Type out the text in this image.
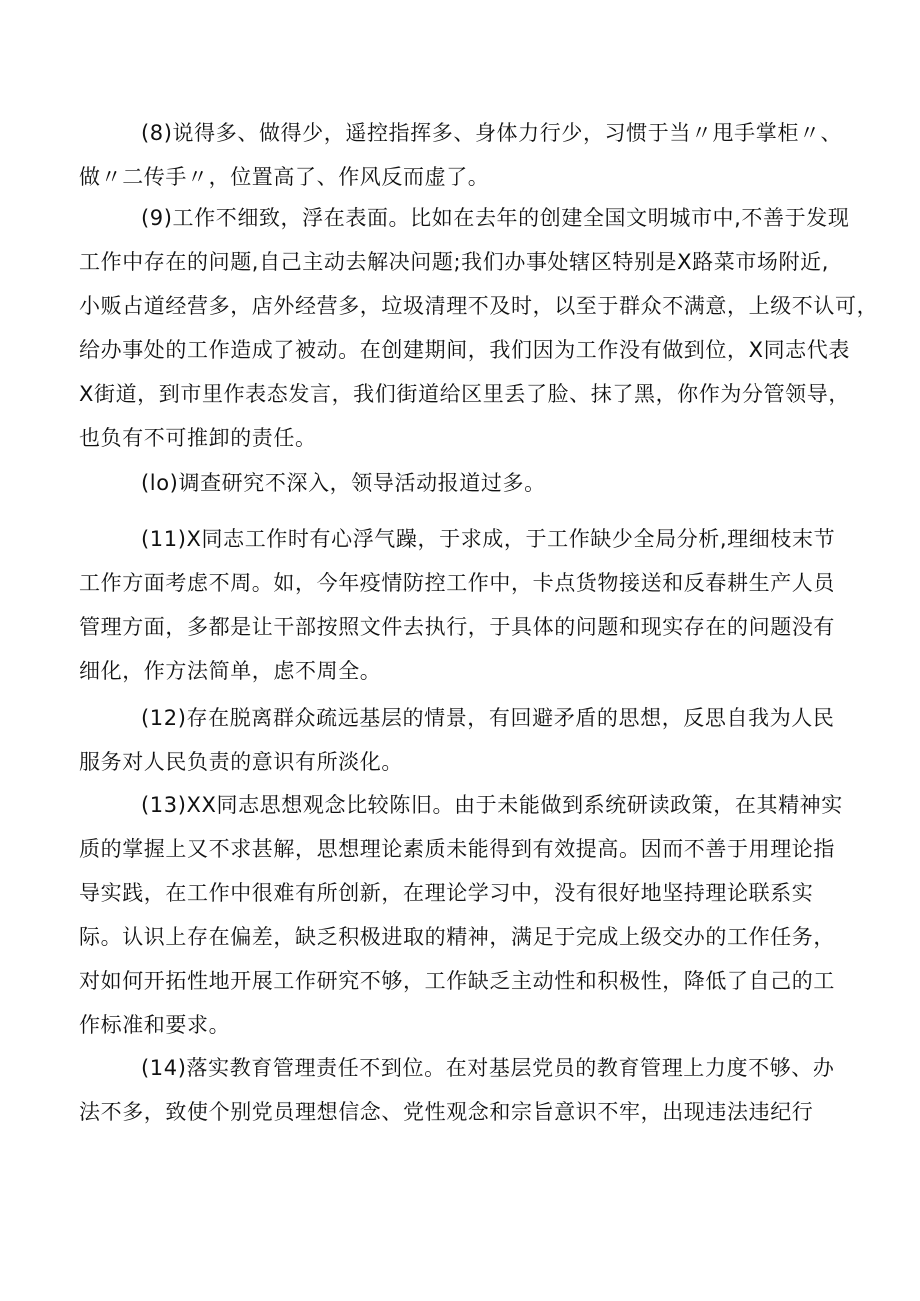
(8)说得多、做得少，遥控指挥多、身体力行少，习惯于当〃甩手掌柜〃、
做〃二传手〃，位置高了、作风反而虚了。
(9)工作不细致，浮在表面。比如在去年的创建全国文明城市中,不善于发现
工作中存在的问题,自己主动去解决问题;我们办事处辖区特别是X路菜市场附近,
小贩占道经营多，店外经营多，垃圾清理不及时，以至于群众不满意，上级不认可，
给办事处的工作造成了被动。在创建期间，我们因为工作没有做到位，X同志代表
X街道，到市里作表态发言，我们街道给区里丢了脸、抹了黑，你作为分管领导，
也负有不可推卸的责任。
(lo)调查研究不深入，领导活动报道过多。
(11)X同志工作时有心浮气躁，于求成，于工作缺少全局分析,理细枝末节
工作方面考虑不周。如，今年疫情防控工作中，卡点货物接送和反春耕生产人员
管理方面，多都是让干部按照文件去执行，于具体的问题和现实存在的问题没有
细化，作方法简单，虑不周全。
(12)存在脱离群众疏远基层的情景，有回避矛盾的思想，反思自我为人民
服务对人民负责的意识有所淡化。
(13)XX同志思想观念比较陈旧。由于未能做到系统研读政策，在其精神实
质的掌握上又不求甚解，思想理论素质未能得到有效提高。因而不善于用理论指
导实践，在工作中很难有所创新，在理论学习中，没有很好地坚持理论联系实
际。认识上存在偏差，缺乏积极进取的精神，满足于完成上级交办的工作任务，
对如何开拓性地开展工作研究不够，工作缺乏主动性和积极性，降低了自己的工
作标准和要求。
(14)落实教育管理责任不到位。在对基层党员的教育管理上力度不够、办
法不多，致使个别党员理想信念、党性观念和宗旨意识不牢，出现违法违纪行
